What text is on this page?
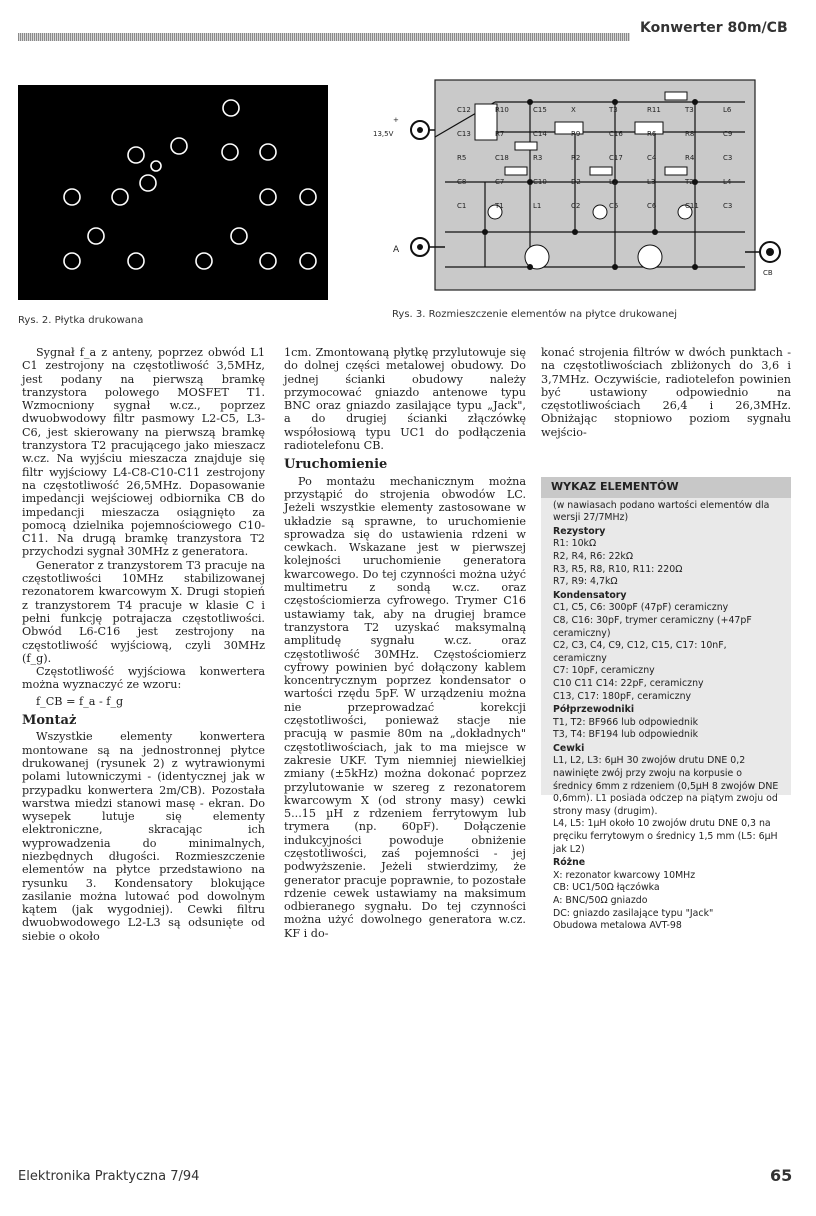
Konwerter 80m/CB
Rys. 2. Płytka drukowana
+
13,5V
A
CB
C12	R10	C15	X	T3	R11	T3	L6
C13	R7	C14	R9	C16	R6	R8	C9
R5	C18	R3	R2	C17	C4	R4	C3
C8	C7	C10	D2	L2	L3	T2	L4
C1	T1	L1	C2	C5	C6	C11	C3
Rys. 3. Rozmieszczenie elementów na płytce drukowanej

Sygnał f_a z anteny, poprzez obwód L1 C1 zestrojony na częstotliwość 3,5MHz, jest podany na pierwszą bramkę tranzystora polowego MOSFET T1. Wzmocniony sygnał w.cz., poprzez dwuobwodowy filtr pasmowy L2-C5, L3-C6, jest skierowany na pierwszą bramkę tranzystora T2 pracującego jako mieszacz w.cz. Na wyjściu mieszacza znajduje się filtr wyjściowy L4-C8-C10-C11 zestrojony na częstotliwość 26,5MHz. Dopasowanie impedancji wejściowej odbiornika CB do impedancji mieszacza osiągnięto za pomocą dzielnika pojemnościowego C10-C11. Na drugą bramkę tranzystora T2 przychodzi sygnał 30MHz z generatora.

Generator z tranzystorem T3 pracuje na częstotliwości 10MHz stabilizowanej rezonatorem kwarcowym X. Drugi stopień z tranzystorem T4 pracuje w klasie C i pełni funkcję potrajacza częstotliwości. Obwód L6-C16 jest zestrojony na częstotliwość wyjściową, czyli 30MHz (f_g).

Częstotliwość wyjściowa konwertera można wyznaczyć ze wzoru:

f_CB = f_a - f_g

Montaż

Wszystkie elementy konwertera montowane są na jednostronnej płytce drukowanej (rysunek 2) z wytrawionymi polami lutowniczymi - (identycznej jak w przypadku konwertera 2m/CB). Pozostała warstwa miedzi stanowi masę - ekran. Do wysepek lutuje się elementy elektroniczne, skracając ich wyprowadzenia do minimalnych, niezbędnych długości. Rozmieszczenie elementów na płytce przedstawiono na rysunku 3. Kondensatory blokujące zasilanie można lutować pod dowolnym kątem (jak wygodniej). Cewki filtru dwuobwodowego L2-L3 są odsunięte od siebie o około

1cm. Zmontowaną płytkę przylutowuje się do dolnej części metalowej obudowy. Do jednej ścianki obudowy należy przymocować gniazdo antenowe typu BNC oraz gniazdo zasilające typu „Jack", a do drugiej ścianki złączówkę współosiową typu UC1 do podłączenia radiotelefonu CB.

Uruchomienie

Po montażu mechanicznym można przystąpić do strojenia obwodów LC. Jeżeli wszystkie elementy zastosowane w układzie są sprawne, to uruchomienie sprowadza się do ustawienia rdzeni w cewkach. Wskazane jest w pierwszej kolejności uruchomienie generatora kwarcowego. Do tej czynności można użyć multimetru z sondą w.cz. oraz częstościomierza cyfrowego. Trymer C16 ustawiamy tak, aby na drugiej bramce tranzystora T2 uzyskać maksymalną amplitudę sygnału w.cz. oraz częstotliwość 30MHz. Częstościomierz cyfrowy powinien być dołączony kablem koncentrycznym poprzez kondensator o wartości rzędu 5pF. W urządzeniu można nie przeprowadzać korekcji częstotliwości, ponieważ stacje nie pracują w pasmie 80m na „dokładnych" częstotliwościach, jak to ma miejsce w zakresie UKF. Tym niemniej niewielkiej zmiany (±5kHz) można dokonać poprzez przylutowanie w szereg z rezonatorem kwarcowym X (od strony masy) cewki 5...15 µH z rdzeniem ferrytowym lub trymera (np. 60pF). Dołączenie indukcyjności powoduje obniżenie częstotliwości, zaś pojemności - jej podwyższenie. Jeżeli stwierdzimy, że generator pracuje poprawnie, to pozostałe rdzenie cewek ustawiamy na maksimum odbieranego sygnału. Do tej czynności można użyć dowolnego generatora w.cz. KF i do-

konać strojenia filtrów w dwóch punktach -na częstotliwościach zbliżonych do 3,6 i 3,7MHz. Oczywiście, radiotelefon powinien być ustawiony odpowiednio na częstotliwościach 26,4 i 26,3MHz. Obniżając stopniowo poziom sygnału wejścio-

WYKAZ ELEMENTÓW
(w nawiasach podano wartości elementów dla wersji 27/7MHz)
Rezystory
R1: 10kΩ
R2, R4, R6: 22kΩ
R3, R5, R8, R10, R11: 220Ω
R7, R9: 4,7kΩ
Kondensatory
C1, C5, C6: 300pF (47pF) ceramiczny
C8, C16: 30pF, trymer ceramiczny (+47pF ceramiczny)
C2, C3, C4, C9, C12, C15, C17: 10nF, ceramiczny
C7: 10pF, ceramiczny
C10 C11 C14: 22pF, ceramiczny
C13, C17: 180pF, ceramiczny
Półprzewodniki
T1, T2: BF966 lub odpowiednik
T3, T4: BF194 lub odpowiednik
Cewki
L1, L2, L3: 6µH 30 zwojów drutu DNE 0,2 nawinięte zwój przy zwoju na korpusie o średnicy 6mm z rdzeniem (0,5µH 8 zwojów DNE 0,6mm). L1 posiada odczep na piątym zwoju od strony masy (drugim).
L4, L5: 1µH około 10 zwojów drutu DNE 0,3 na pręciku ferrytowym o średnicy 1,5 mm (L5: 6µH jak L2)
Różne
X: rezonator kwarcowy 10MHz
CB: UC1/50Ω łączówka
A: BNC/50Ω gniazdo
DC: gniazdo zasilające typu "Jack"
Obudowa metalowa AVT-98
Elektronika Praktyczna 7/94	65
